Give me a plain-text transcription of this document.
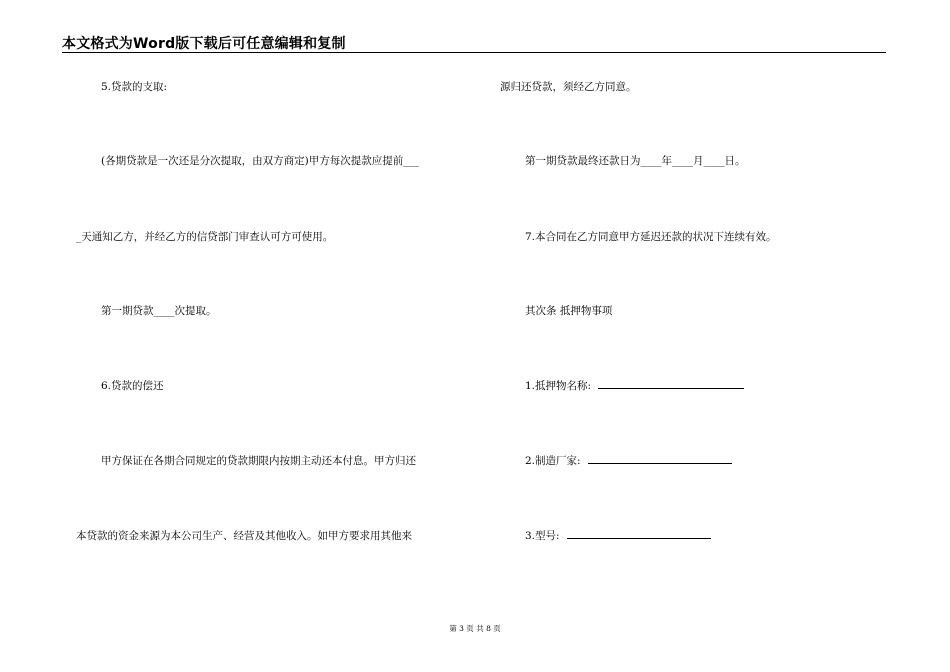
本文格式为Word版下载后可任意编辑和复制
5.贷款的支取:
(各期贷款是一次还是分次提取，由双方商定)甲方每次提款应提前___
_天通知乙方，并经乙方的信贷部门审查认可方可使用。
第一期贷款____次提取。
6.贷款的偿还
甲方保证在各期合同规定的贷款期限内按期主动还本付息。甲方归还
本贷款的资金来源为本公司生产、经营及其他收入。如甲方要求用其他来
源归还贷款，须经乙方同意。
第一期贷款最终还款日为____年____月____日。
7.本合同在乙方同意甲方延迟还款的状况下连续有效。
其次条 抵押物事项
1.抵押物名称:
2.制造厂家:
3.型号:
第 3 页 共 8 页
